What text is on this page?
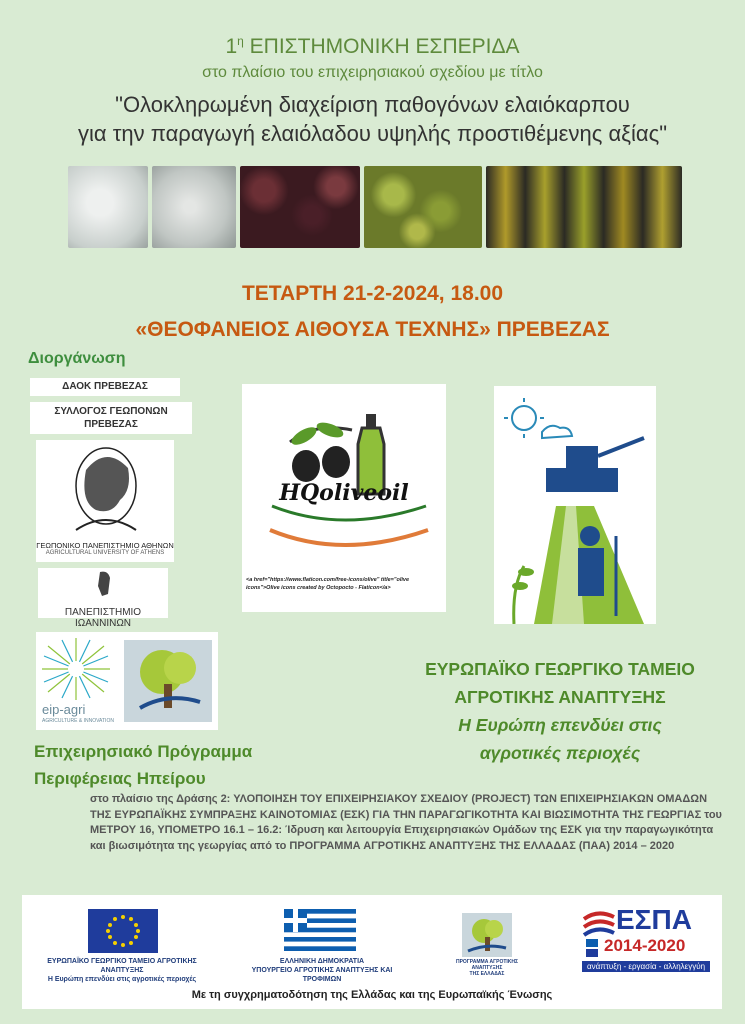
$1^\eta$ ΕΠΙΣΤΗΜΟΝΙΚΗ ΕΣΠΕΡΙΔΑ
στο πλαίσιο του επιχειρησιακού σχεδίου με τίτλο
"Ολοκληρωμένη διαχείριση παθογόνων ελαιόκαρπου
για την παραγωγή ελαιόλαδου υψηλής προστιθέμενης αξίας"
ΤΕΤΑΡΤΗ 21-2-2024, 18.00
«ΘΕΟΦΑΝΕΙΟΣ ΑΙΘΟΥΣΑ ΤΕΧΝΗΣ» ΠΡΕΒΕΖΑΣ
Διοργάνωση
ΔΑΟΚ ΠΡΕΒΕΖΑΣ
ΣΥΛΛΟΓΟΣ ΓΕΩΠΟΝΩΝ ΠΡΕΒΕΖΑΣ
ΓΕΩΠΟΝΙΚΟ ΠΑΝΕΠΙΣΤΗΜΙΟ ΑΘΗΝΩΝ
AGRICULTURAL UNIVERSITY OF ATHENS
ΠΑΝΕΠΙΣΤΗΜΙΟ ΙΩΑΝΝΙΝΩΝ
eip-agri
AGRICULTURE & INNOVATION
HQoliveoil
<a href="https://www.flaticon.com/free-icons/olive" title="olive icons">Olive icons created by Octopocto - Flaticon</a>
ΕΥΡΩΠΑΪΚΟ ΓΕΩΡΓΙΚΟ ΤΑΜΕΙΟ
ΑΓΡΟΤΙΚΗΣ ΑΝΑΠΤΥΞΗΣ
Η Ευρώπη επενδύει στις
αγροτικές περιοχές
Επιχειρησιακό Πρόγραμμα
Περιφέρειας Ηπείρου
στο πλαίσιο της Δράσης 2: ΥΛΟΠΟΙΗΣΗ ΤΟΥ ΕΠΙΧΕΙΡΗΣΙΑΚΟΥ ΣΧΕΔΙΟΥ (PROJECT) ΤΩΝ ΕΠΙΧΕΙΡΗΣΙΑΚΩΝ ΟΜΑΔΩΝ ΤΗΣ ΕΥΡΩΠΑΪΚΗΣ ΣΥΜΠΡΑΞΗΣ ΚΑΙΝΟΤΟΜΙΑΣ (ΕΣΚ) ΓΙΑ ΤΗΝ ΠΑΡΑΓΩΓΙΚΟΤΗΤΑ ΚΑΙ ΒΙΩΣΙΜΟΤΗΤΑ ΤΗΣ ΓΕΩΡΓΙΑΣ του ΜΕΤΡΟΥ 16, ΥΠΟΜΕΤΡΟ 16.1 – 16.2: Ίδρυση και λειτουργία Επιχειρησιακών Ομάδων της ΕΣΚ για την παραγωγικότητα και βιωσιμότητα της γεωργίας από το ΠΡΟΓΡΑΜΜΑ ΑΓΡΟΤΙΚΗΣ ΑΝΑΠΤΥΞΗΣ ΤΗΣ ΕΛΛΑΔΑΣ (ΠΑΑ) 2014 – 2020
ΕΥΡΩΠΑΪΚΟ ΓΕΩΡΓΙΚΟ ΤΑΜΕΙΟ ΑΓΡΟΤΙΚΗΣ ΑΝΑΠΤΥΞΗΣ
Η Ευρώπη επενδύει στις αγροτικές περιοχές
ΕΛΛΗΝΙΚΗ ΔΗΜΟΚΡΑΤΙΑ
ΥΠΟΥΡΓΕΙΟ ΑΓΡΟΤΙΚΗΣ ΑΝΑΠΤΥΞΗΣ ΚΑΙ ΤΡΟΦΙΜΩΝ
ΠΡΟΓΡΑΜΜΑ ΑΓΡΟΤΙΚΗΣ ΑΝΑΠΤΥΞΗΣ
ΤΗΣ ΕΛΛΑΔΑΣ
ΕΣΠΑ
2014-2020
ανάπτυξη - εργασία - αλληλεγγύη
Με τη συγχρηματοδότηση της Ελλάδας και της Ευρωπαϊκής Ένωσης
